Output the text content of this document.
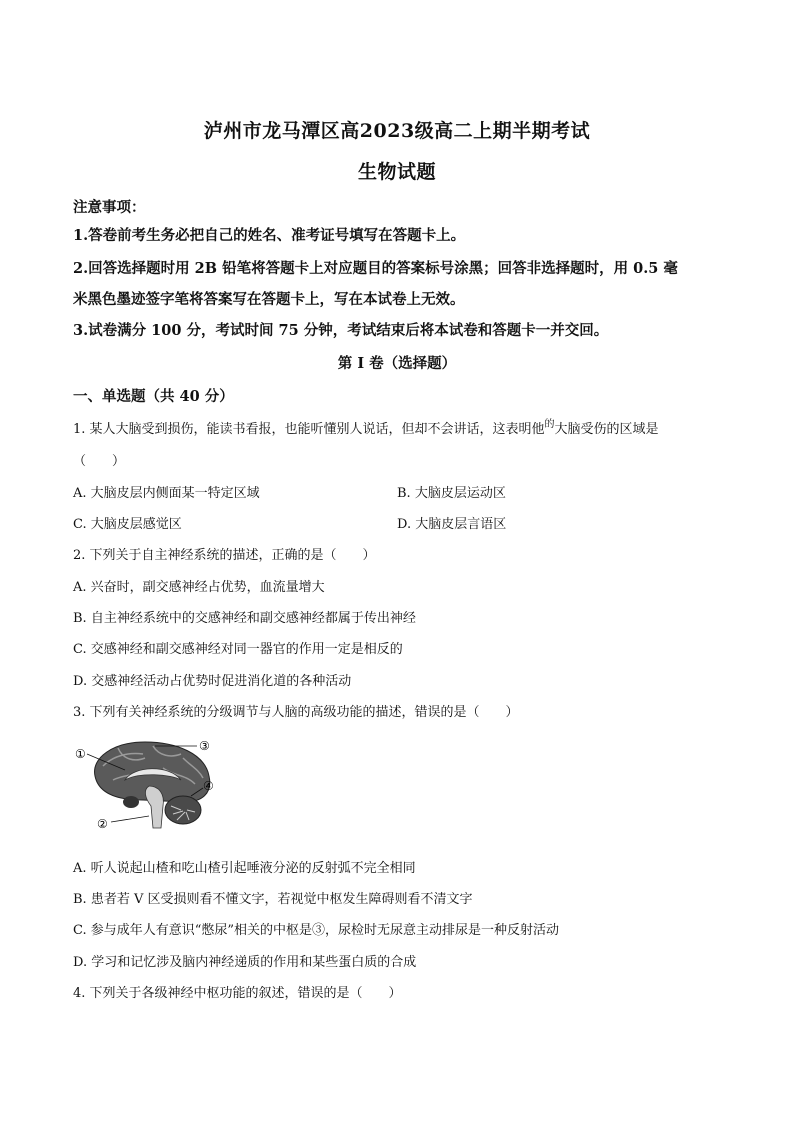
泸州市龙马潭区高2023级高二上期半期考试
生物试题
注意事项：
1.答卷前考生务必把自己的姓名、准考证号填写在答题卡上。
2.回答选择题时用 2B 铅笔将答题卡上对应题目的答案标号涂黑；回答非选择题时，用 0.5 毫
米黑色墨迹签字笔将答案写在答题卡上，写在本试卷上无效。
3.试卷满分 100 分，考试时间 75 分钟，考试结束后将本试卷和答题卡一并交回。
第 I 卷（选择题）
一、单选题（共 40 分）
1. 某人大脑受到损伤，能读书看报，也能听懂别人说话，但却不会讲话，这表明他$^的$大脑受伤的区域是
（　　）
A. 大脑皮层内侧面某一特定区域	B. 大脑皮层运动区
C. 大脑皮层感觉区	D. 大脑皮层言语区
2. 下列关于自主神经系统的描述，正确的是（　　）
A. 兴奋时，副交感神经占优势，血流量增大
B. 自主神经系统中的交感神经和副交感神经都属于传出神经
C. 交感神经和副交感神经对同一器官的作用一定是相反的
D. 交感神经活动占优势时促进消化道的各种活动
3. 下列有关神经系统的分级调节与人脑的高级功能的描述，错误的是（　　）
①
②
③
④
A. 听人说起山楂和吃山楂引起唾液分泌的反射弧不完全相同
B. 患者若 V 区受损则看不懂文字，若视觉中枢发生障碍则看不清文字
C. 参与成年人有意识“憋尿”相关的中枢是③，尿检时无尿意主动排尿是一种反射活动
D. 学习和记忆涉及脑内神经递质的作用和某些蛋白质的合成
4. 下列关于各级神经中枢功能的叙述，错误的是（　　）
